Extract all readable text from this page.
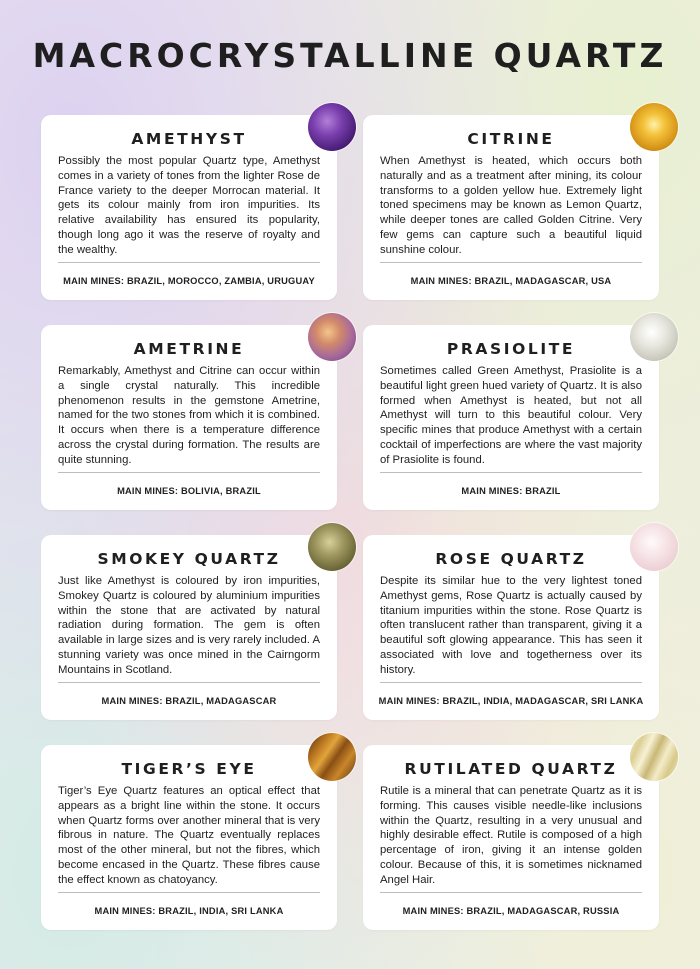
MACROCRYSTALLINE QUARTZ
AMETHYST

Possibly the most popular Quartz type, Amethyst comes in a variety of tones from the lighter Rose de France variety to the deeper Morrocan material. It gets its colour mainly from iron impurities. Its relative availability has ensured its popularity, though long ago it was the reserve of royalty and the wealthy.

MAIN MINES: BRAZIL, MOROCCO, ZAMBIA, URUGUAY
CITRINE

When Amethyst is heated, which occurs both naturally and as a treatment after mining, its colour transforms to a golden yellow hue. Extremely light toned specimens may be known as Lemon Quartz, while deeper tones are called Golden Citrine. Very few gems can capture such a beautiful liquid sunshine colour.

MAIN MINES: BRAZIL, MADAGASCAR, USA
AMETRINE

Remarkably, Amethyst and Citrine can occur within a single crystal naturally. This incredible phenomenon results in the gemstone Ametrine, named for the two stones from which it is combined. It occurs when there is a temperature difference across the crystal during formation. The results are quite stunning.

MAIN MINES: BOLIVIA, BRAZIL
PRASIOLITE

Sometimes called Green Amethyst, Prasiolite is a beautiful light green hued variety of Quartz. It is also formed when Amethyst is heated, but not all Amethyst will turn to this beautiful colour. Very specific mines that produce Amethyst with a certain cocktail of imperfections are where the vast majority of Prasiolite is found.

MAIN MINES: BRAZIL
SMOKEY QUARTZ

Just like Amethyst is coloured by iron impurities, Smokey Quartz is coloured by aluminium impurities within the stone that are activated by natural radiation during formation. The gem is often available in large sizes and is very rarely included. A stunning variety was once mined in the Cairngorm Mountains in Scotland.

MAIN MINES: BRAZIL, MADAGASCAR
ROSE QUARTZ

Despite its similar hue to the very lightest toned Amethyst gems, Rose Quartz is actually caused by titanium impurities within the stone. Rose Quartz is often translucent rather than transparent, giving it a beautiful soft glowing appearance. This has seen it associated with love and togetherness over its history.

MAIN MINES: BRAZIL, INDIA, MADAGASCAR, SRI LANKA
TIGER’S EYE

Tiger’s Eye Quartz features an optical effect that appears as a bright line within the stone. It occurs when Quartz forms over another mineral that is very fibrous in nature. The Quartz eventually replaces most of the other mineral, but not the fibres, which become encased in the Quartz. These fibres cause the effect known as chatoyancy.

MAIN MINES: BRAZIL, INDIA, SRI LANKA
RUTILATED QUARTZ

Rutile is a mineral that can penetrate Quartz as it is forming. This causes visible needle-like inclusions within the Quartz, resulting in a very unusual and highly desirable effect. Rutile is composed of a high percentage of iron, giving it an intense golden colour. Because of this, it is sometimes nicknamed Angel Hair.

MAIN MINES: BRAZIL, MADAGASCAR, RUSSIA
